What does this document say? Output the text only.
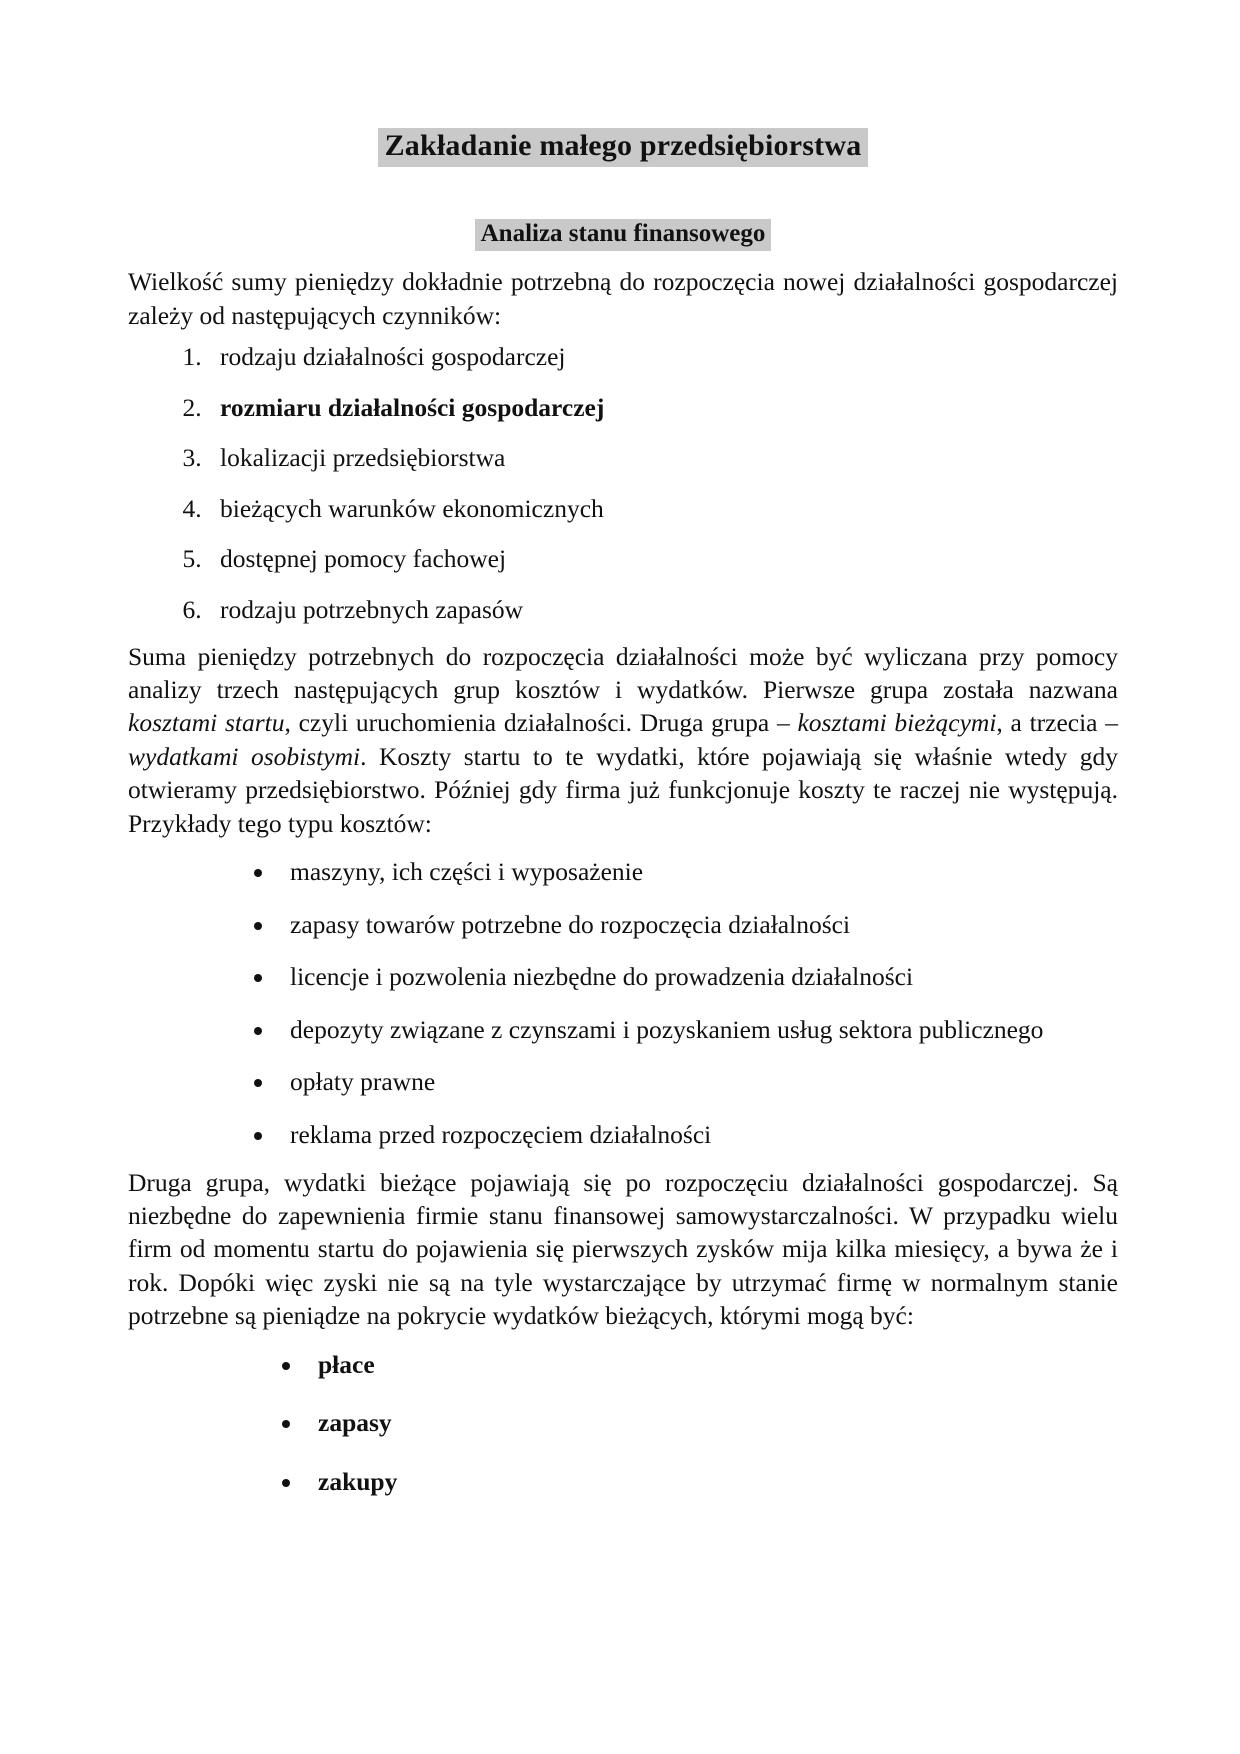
Zakładanie małego przedsiębiorstwa
Analiza stanu finansowego

Wielkość sumy pieniędzy dokładnie potrzebną do rozpoczęcia nowej działalności gospodarczej zależy od następujących czynników:

1. rodzaju działalności gospodarczej
2. rozmiaru działalności gospodarczej
3. lokalizacji przedsiębiorstwa
4. bieżących warunków ekonomicznych
5. dostępnej pomocy fachowej
6. rodzaju potrzebnych zapasów

Suma pieniędzy potrzebnych do rozpoczęcia działalności może być wyliczana przy pomocy analizy trzech następujących grup kosztów i wydatków. Pierwsze grupa została nazwana kosztami startu, czyli uruchomienia działalności. Druga grupa – kosztami bieżącymi, a trzecia – wydatkami osobistymi. Koszty startu to te wydatki, które pojawiają się właśnie wtedy gdy otwieramy przedsiębiorstwo. Później gdy firma już funkcjonuje koszty te raczej nie występują. Przykłady tego typu kosztów:

• maszyny, ich części i wyposażenie
• zapasy towarów potrzebne do rozpoczęcia działalności
• licencje i pozwolenia niezbędne do prowadzenia działalności
• depozyty związane z czynszami i pozyskaniem usług sektora publicznego
• opłaty prawne
• reklama przed rozpoczęciem działalności

Druga grupa, wydatki bieżące pojawiają się po rozpoczęciu działalności gospodarczej. Są niezbędne do zapewnienia firmie stanu finansowej samowystarczalności. W przypadku wielu firm od momentu startu do pojawienia się pierwszych zysków mija kilka miesięcy, a bywa że i rok. Dopóki więc zyski nie są na tyle wystarczające by utrzymać firmę w normalnym stanie potrzebne są pieniądze na pokrycie wydatków bieżących, którymi mogą być:

• płace
• zapasy
• zakupy
